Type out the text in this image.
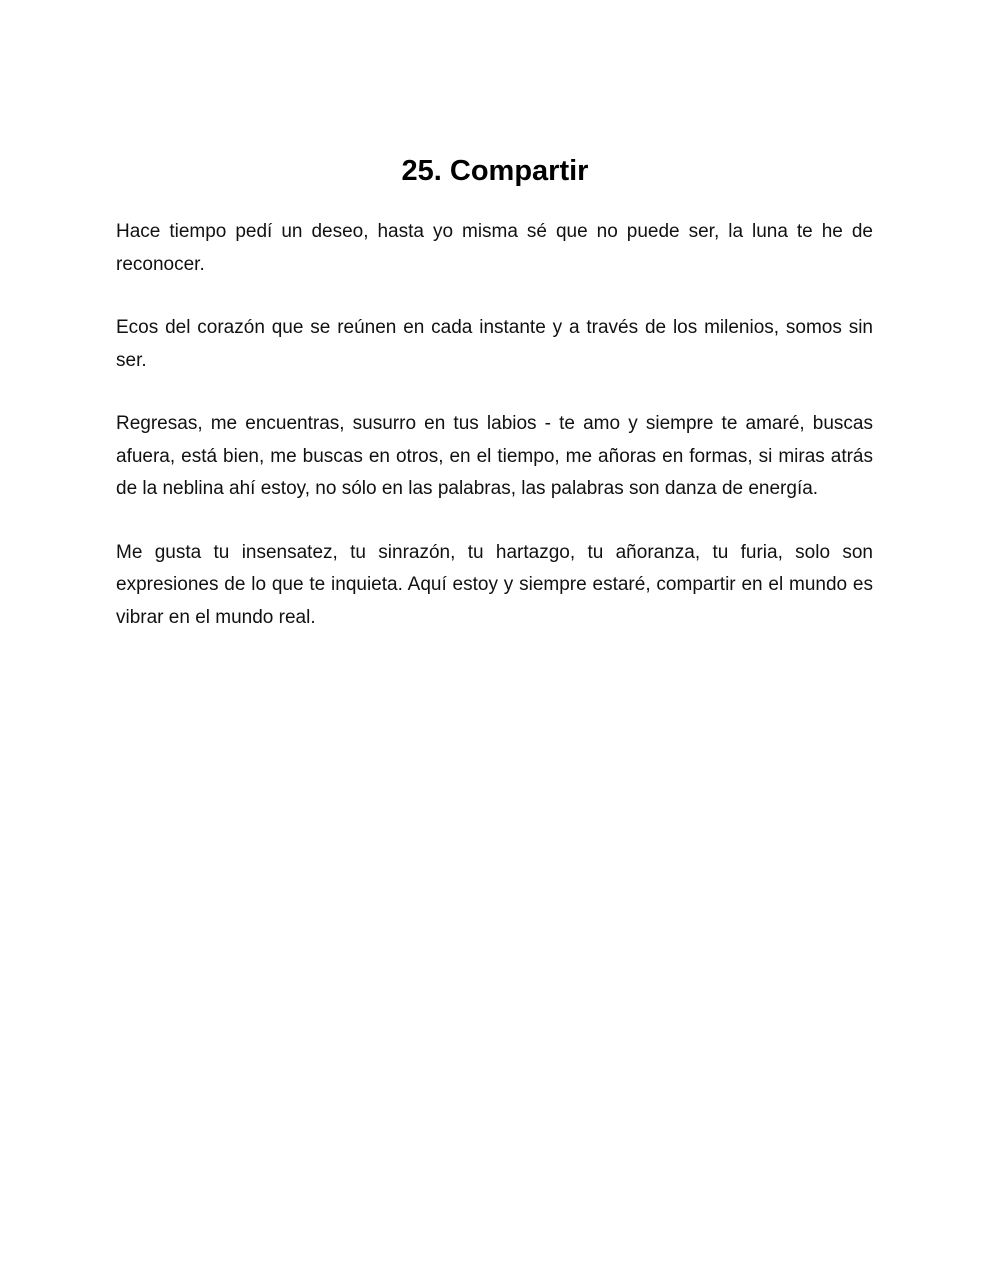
25. Compartir

Hace tiempo pedí un deseo, hasta yo misma sé que no puede ser, la luna te he de reconocer.

Ecos del corazón que se reúnen en cada instante y a través de los milenios, somos sin ser.

Regresas, me encuentras, susurro en tus labios - te amo y siempre te amaré, buscas afuera, está bien, me buscas en otros, en el tiempo, me añoras en formas, si miras atrás de la neblina ahí estoy, no sólo en las palabras, las palabras son danza de energía.

Me gusta tu insensatez, tu sinrazón, tu hartazgo, tu añoranza, tu furia, solo son expresiones de lo que te inquieta. Aquí estoy y siempre estaré, compartir en el mundo es vibrar en el mundo real.
